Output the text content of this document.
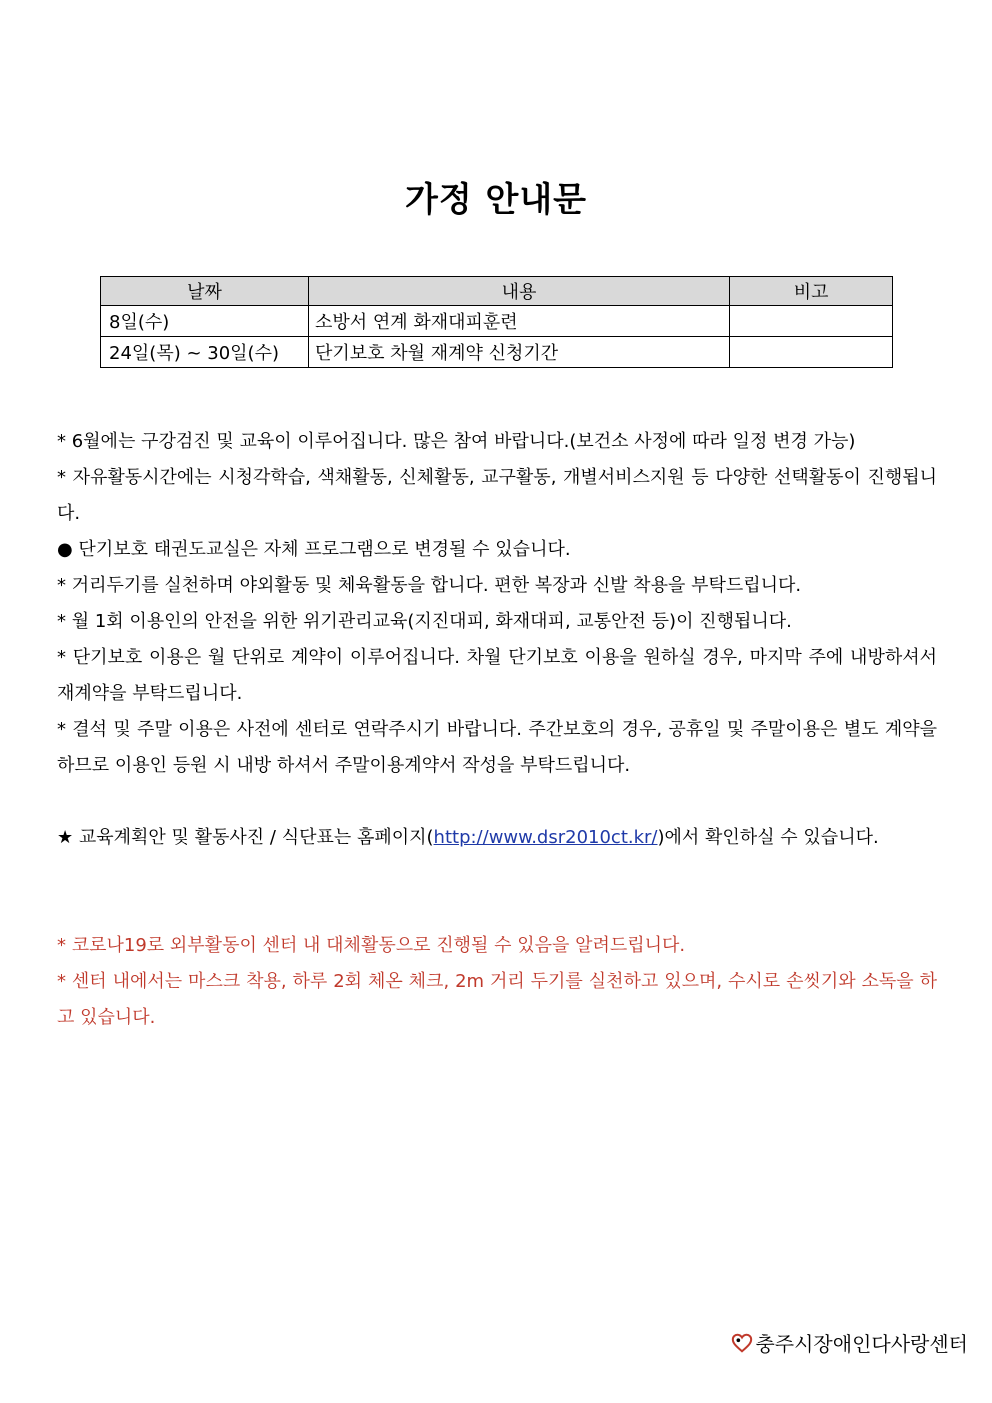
가정 안내문
날짜	내용	비고
8일(수)	소방서 연계 화재대피훈련	
24일(목) ~ 30일(수)	단기보호 차월 재계약 신청기간	

* 6월에는 구강검진 및 교육이 이루어집니다. 많은 참여 바랍니다.(보건소 사정에 따라 일정 변경 가능)

* 자유활동시간에는 시청각학습, 색채활동, 신체활동, 교구활동, 개별서비스지원 등 다양한 선택활동이 진행됩니다.

● 단기보호 태권도교실은 자체 프로그램으로 변경될 수 있습니다.

* 거리두기를 실천하며 야외활동 및 체육활동을 합니다. 편한 복장과 신발 착용을 부탁드립니다.

* 월 1회 이용인의 안전을 위한 위기관리교육(지진대피, 화재대피, 교통안전 등)이 진행됩니다.

* 단기보호 이용은 월 단위로 계약이 이루어집니다. 차월 단기보호 이용을 원하실 경우, 마지막 주에 내방하셔서 재계약을 부탁드립니다.

* 결석 및 주말 이용은 사전에 센터로 연락주시기 바랍니다. 주간보호의 경우, 공휴일 및 주말이용은 별도 계약을 하므로 이용인 등원 시 내방 하셔서 주말이용계약서 작성을 부탁드립니다.

★ 교육계획안 및 활동사진 / 식단표는 홈페이지(http://www.dsr2010ct.kr/)에서 확인하실 수 있습니다.

* 코로나19로 외부활동이 센터 내 대체활동으로 진행될 수 있음을 알려드립니다.

* 센터 내에서는 마스크 착용, 하루 2회 체온 체크, 2m 거리 두기를 실천하고 있으며, 수시로 손씻기와 소독을 하고 있습니다.

충주시장애인다사랑센터
